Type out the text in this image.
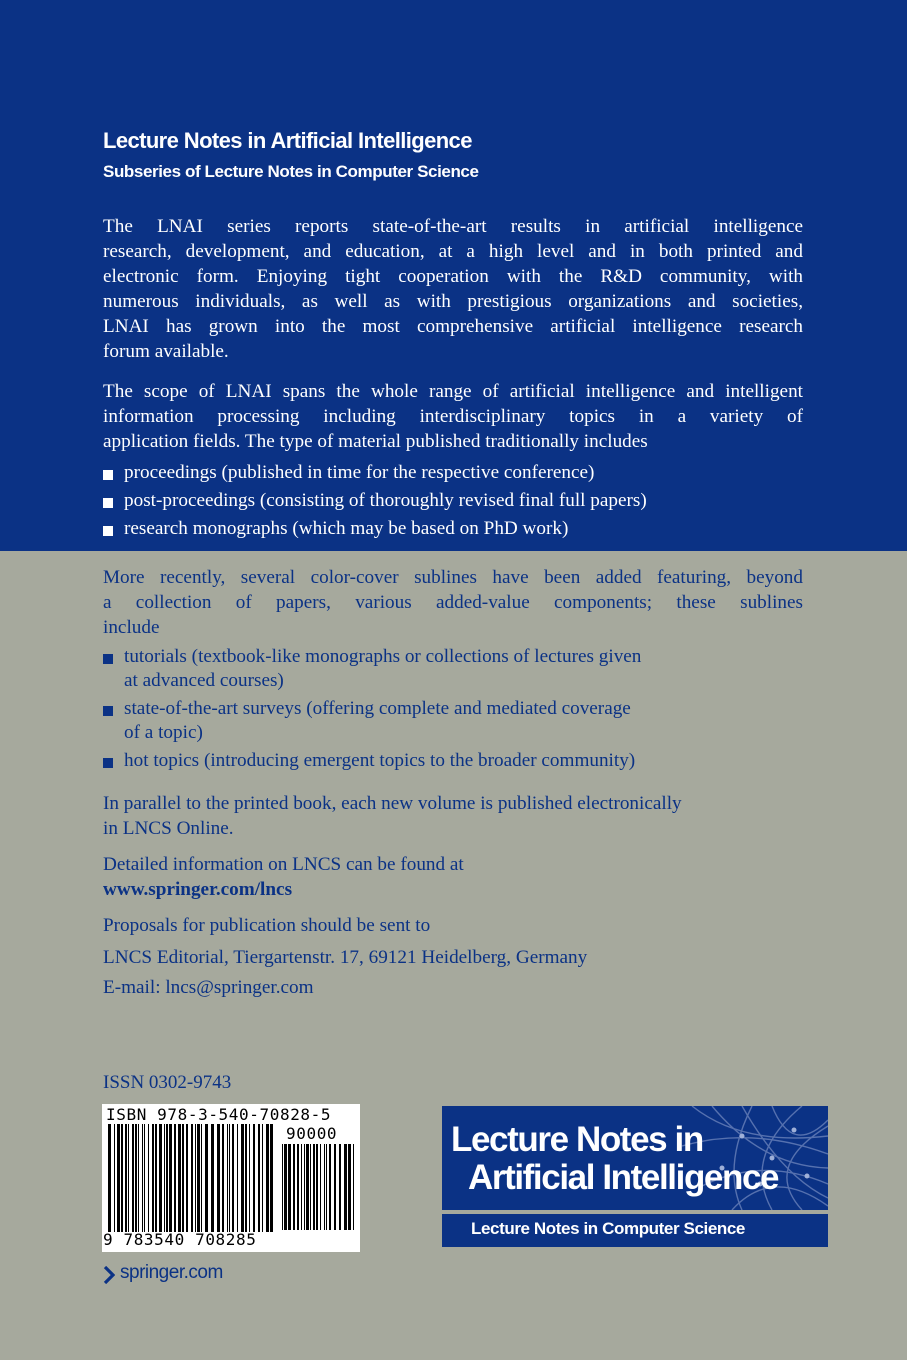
Lecture Notes in Artificial Intelligence
Subseries of Lecture Notes in Computer Science
The LNAI series reports state-of-the-art results in artificial intelligence
research, development, and education, at a high level and in both printed and
electronic form. Enjoying tight cooperation with the R&D community, with
numerous individuals, as well as with prestigious organizations and societies,
LNAI has grown into the most comprehensive artificial intelligence research
forum available.
The scope of LNAI spans the whole range of artificial intelligence and intelligent
information processing including interdisciplinary topics in a variety of
application fields. The type of material published traditionally includes
proceedings (published in time for the respective conference)
post-proceedings (consisting of thoroughly revised final full papers)
research monographs (which may be based on PhD work)
More recently, several color-cover sublines have been added featuring, beyond
a collection of papers, various added-value components; these sublines
include
tutorials (textbook-like monographs or collections of lectures given
at advanced courses)
state-of-the-art surveys (offering complete and mediated coverage
of a topic)
hot topics (introducing emergent topics to the broader community)
In parallel to the printed book, each new volume is published electronically
in LNCS Online.
Detailed information on LNCS can be found at
www.springer.com/lncs
Proposals for publication should be sent to
LNCS Editorial, Tiergartenstr. 17, 69121 Heidelberg, Germany
E-mail: lncs@springer.com
ISSN 0302-9743
ISBN 978-3-540-70828-5
90000
9 783540 708285
springer.com
Lecture Notes in
Artificial Intelligence
Lecture Notes in Computer Science
